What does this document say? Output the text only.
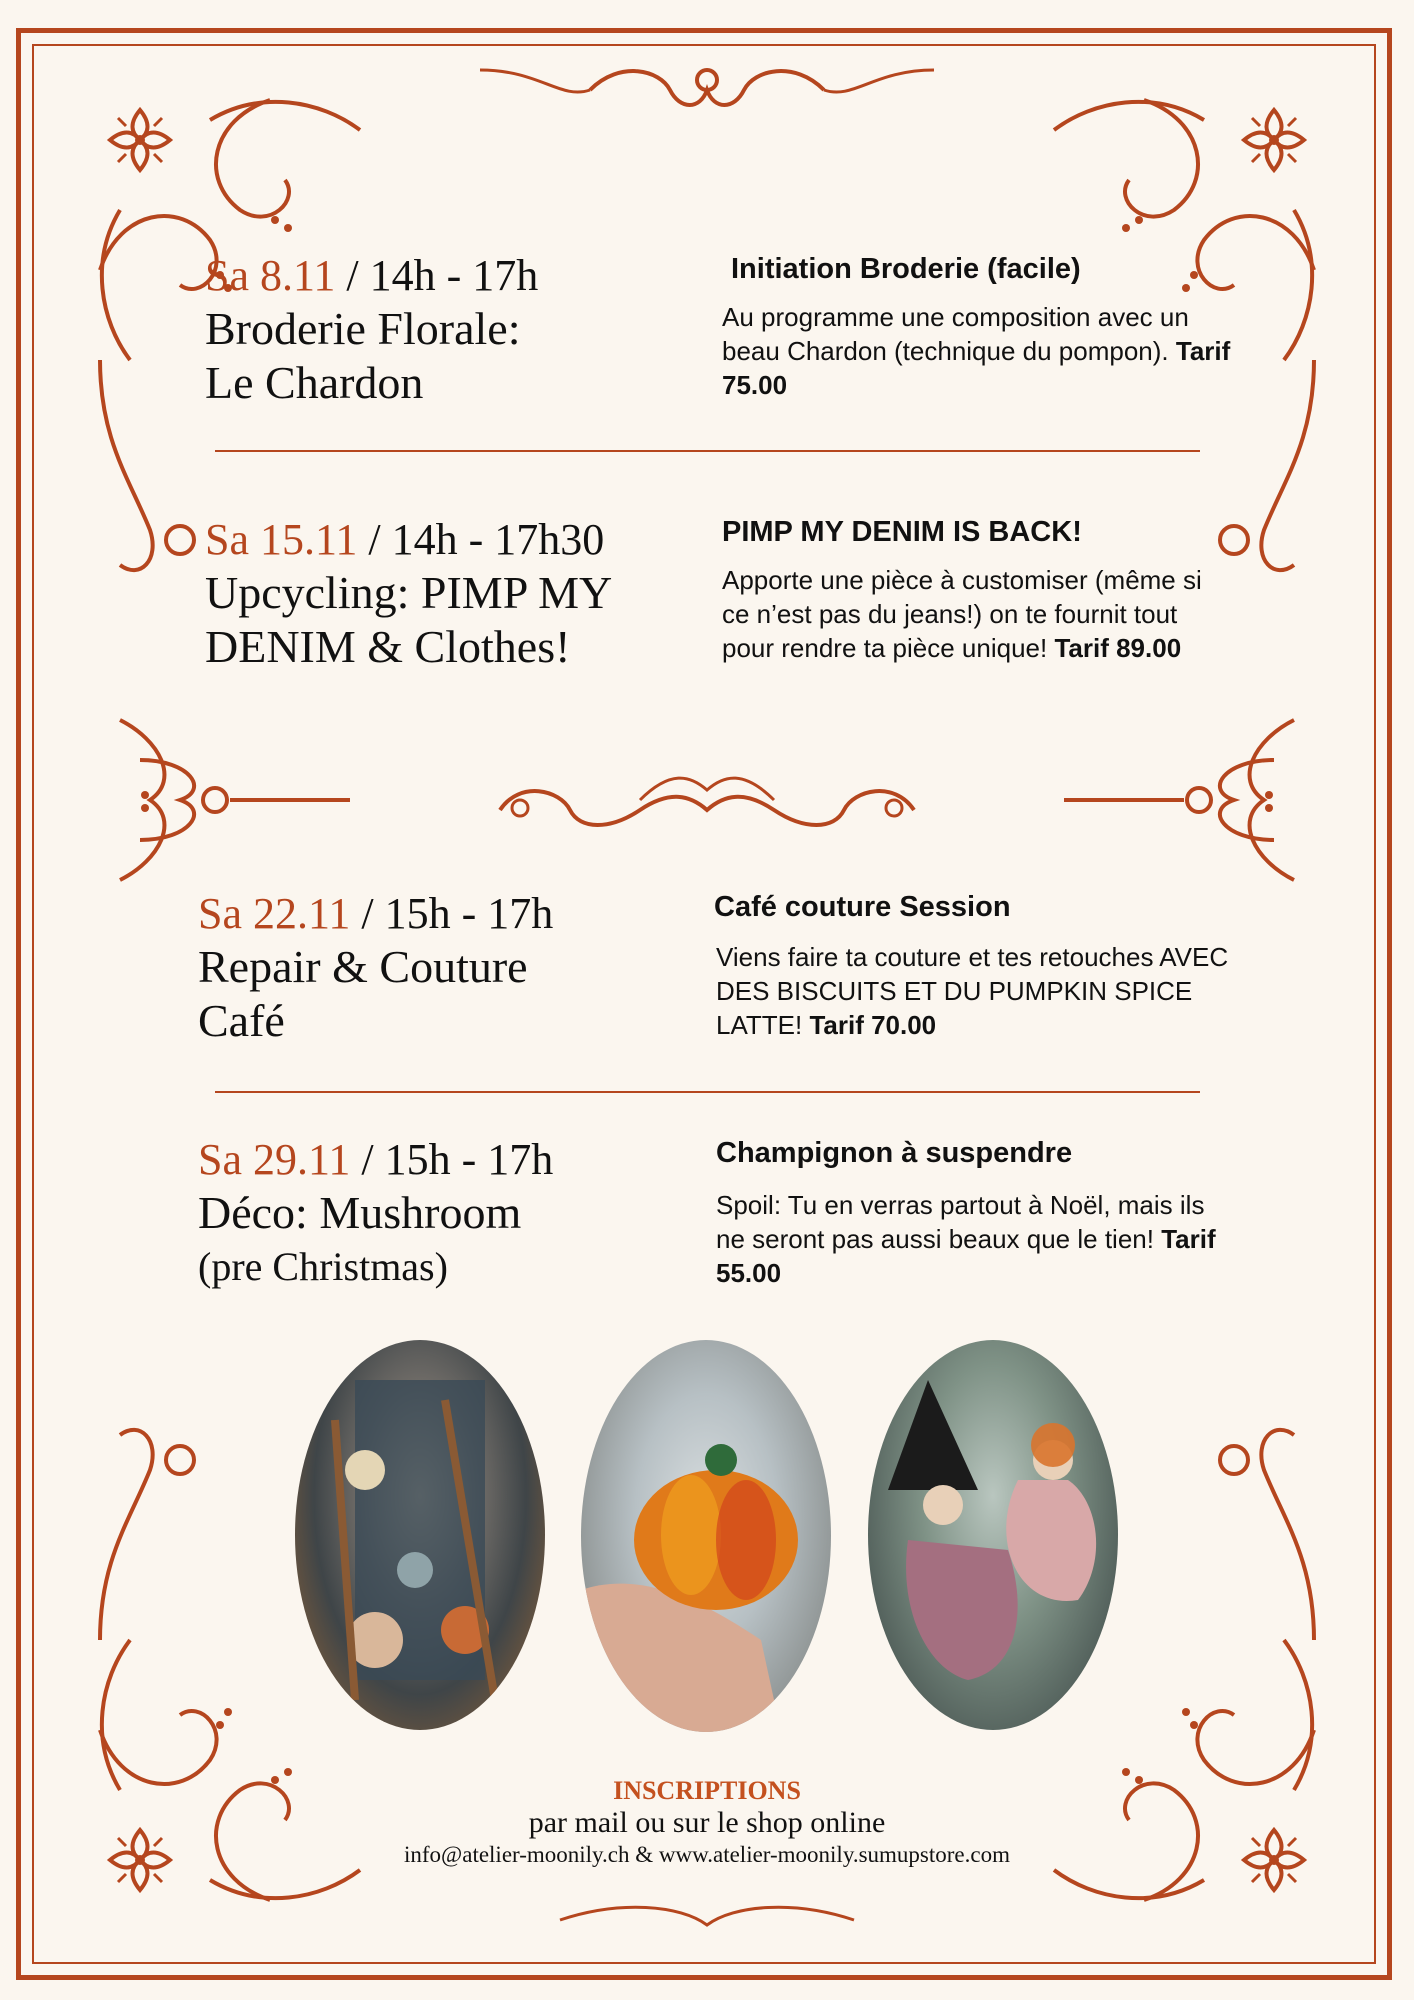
Sa 8.11 / 14h - 17h
Broderie Florale:
Le Chardon
Initiation Broderie (facile)
Au programme une composition avec un beau Chardon (technique du pompon). Tarif 75.00
Sa 15.11 / 14h - 17h30
Upcycling: PIMP MY
DENIM & Clothes!
PIMP MY DENIM IS BACK!
Apporte une pièce à customiser (même si ce n’est pas du jeans!) on te fournit tout pour rendre ta pièce unique! Tarif 89.00
Sa 22.11 / 15h - 17h
Repair & Couture
Café
Café couture Session
Viens faire ta couture et tes retouches AVEC DES BISCUITS ET DU PUMPKIN SPICE LATTE! Tarif 70.00
Sa 29.11 / 15h - 17h
Déco: Mushroom
(pre Christmas)
Champignon à suspendre
Spoil: Tu en verras partout à Noël, mais ils ne seront pas aussi beaux que le tien! Tarif 55.00
INSCRIPTIONS
par mail ou sur le shop online
info@atelier-moonily.ch & www.atelier-moonily.sumupstore.com
